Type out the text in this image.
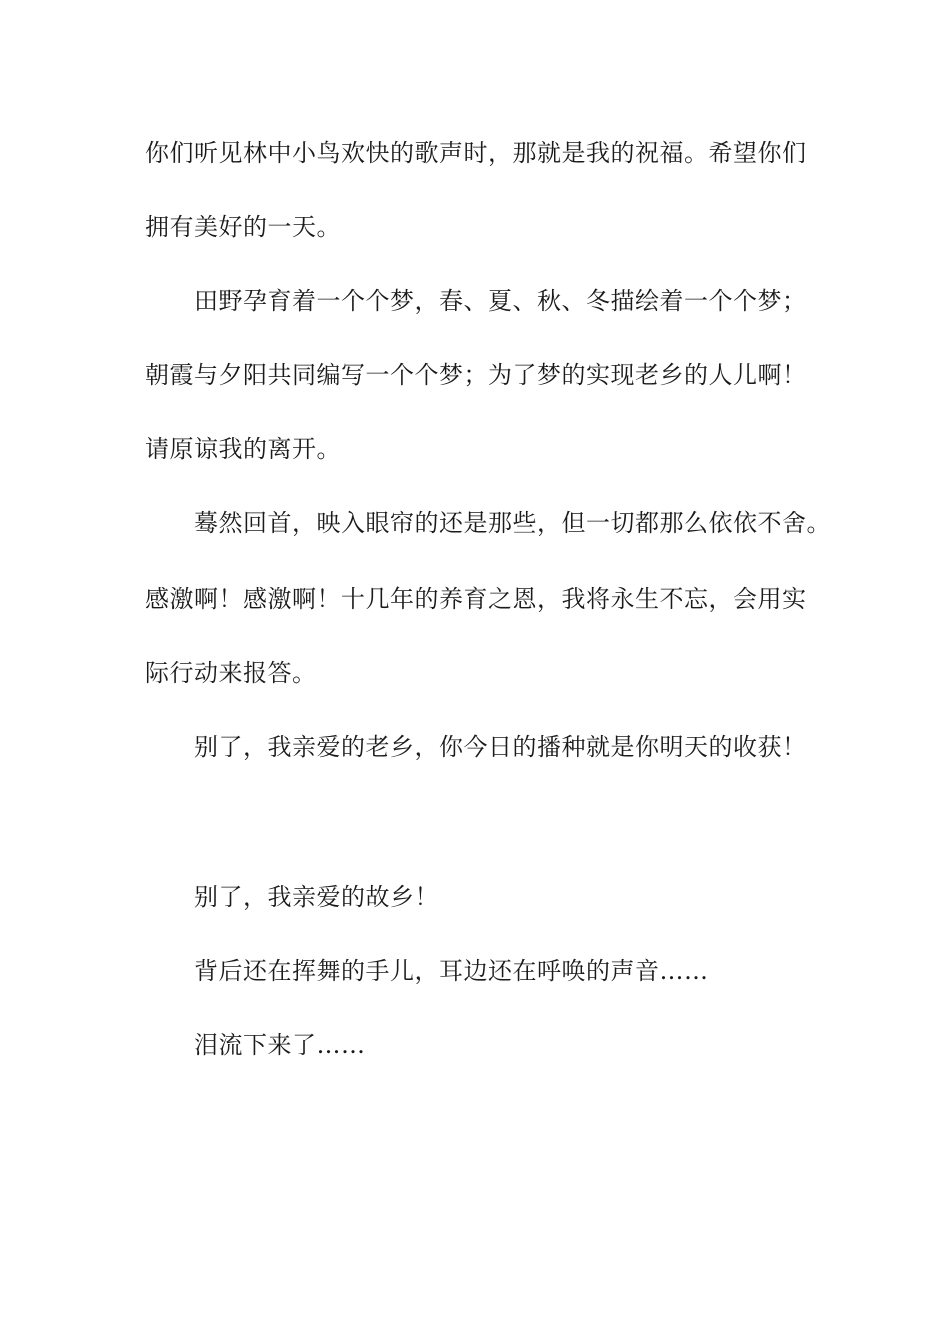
你们听见林中小鸟欢快的歌声时，那就是我的祝福。希望你们
拥有美好的一天。
田野孕育着一个个梦，春、夏、秋、冬描绘着一个个梦；
朝霞与夕阳共同编写一个个梦；为了梦的实现老乡的人儿啊！
请原谅我的离开。
蓦然回首，映入眼帘的还是那些，但一切都那么依依不舍。
感激啊！感激啊！十几年的养育之恩，我将永生不忘，会用实
际行动来报答。
别了，我亲爱的老乡，你今日的播种就是你明天的收获！
别了，我亲爱的故乡！
背后还在挥舞的手儿，耳边还在呼唤的声音……
泪流下来了……
